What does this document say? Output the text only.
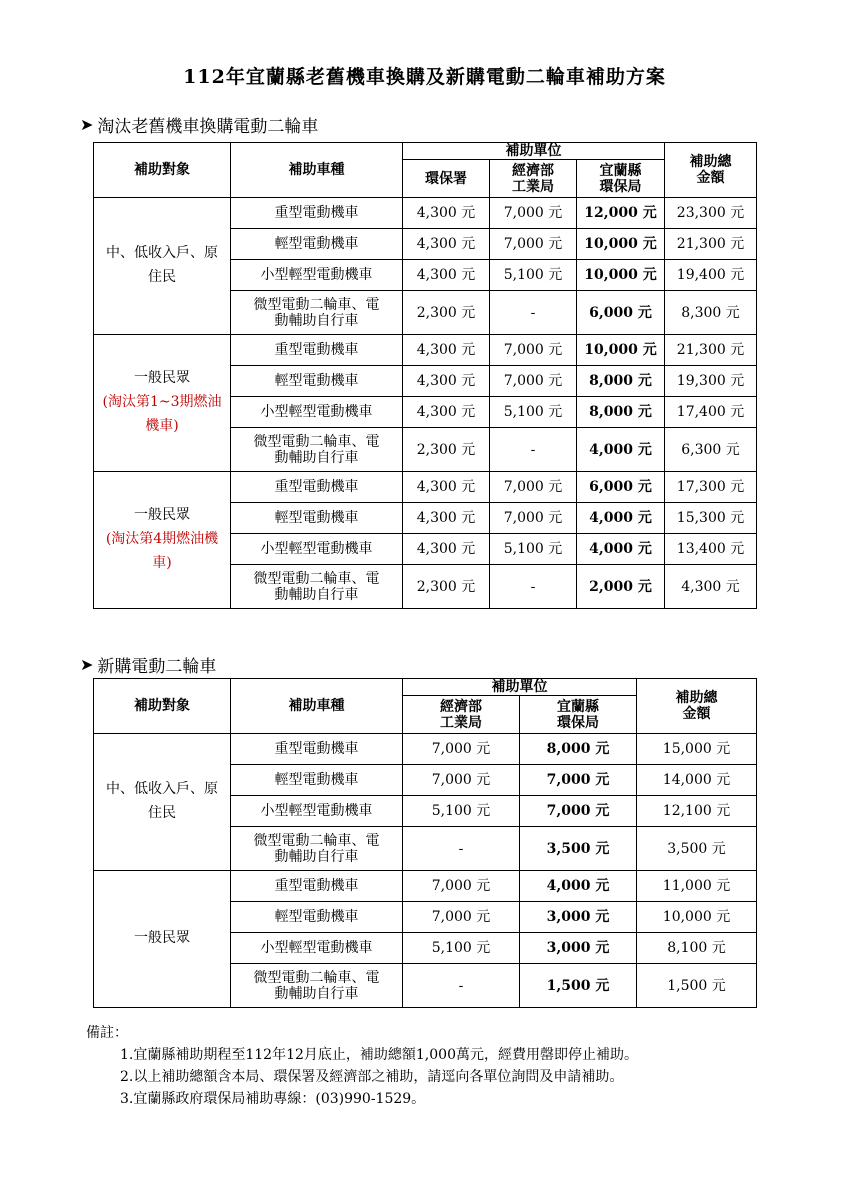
112年宜蘭縣老舊機車換購及新購電動二輪車補助方案
➤ 淘汰老舊機車換購電動二輪車
補助對象	補助車種	補助單位			補助總金額
		環保署	經濟部工業局	宜蘭縣環保局	

中、低收入戶、原住民	重型電動機車	4,300 元	7,000 元	12,000 元	23,300 元
	輕型電動機車	4,300 元	7,000 元	10,000 元	21,300 元
	小型輕型電動機車	4,300 元	5,100 元	10,000 元	19,400 元
	微型電動二輪車、電動輔助自行車	2,300 元	-	6,000 元	8,300 元

一般民眾
(淘汰第1~3期燃油機車)	重型電動機車	4,300 元	7,000 元	10,000 元	21,300 元
	輕型電動機車	4,300 元	7,000 元	8,000 元	19,300 元
	小型輕型電動機車	4,300 元	5,100 元	8,000 元	17,400 元
	微型電動二輪車、電動輔助自行車	2,300 元	-	4,000 元	6,300 元

一般民眾
(淘汰第4期燃油機車)	重型電動機車	4,300 元	7,000 元	6,000 元	17,300 元
	輕型電動機車	4,300 元	7,000 元	4,000 元	15,300 元
	小型輕型電動機車	4,300 元	5,100 元	4,000 元	13,400 元
	微型電動二輪車、電動輔助自行車	2,300 元	-	2,000 元	4,300 元
➤ 新購電動二輪車
補助對象	補助車種	補助單位		補助總金額
		經濟部工業局	宜蘭縣環保局	

中、低收入戶、原住民	重型電動機車	7,000 元	8,000 元	15,000 元
	輕型電動機車	7,000 元	7,000 元	14,000 元
	小型輕型電動機車	5,100 元	7,000 元	12,100 元
	微型電動二輪車、電動輔助自行車	-	3,500 元	3,500 元

一般民眾	重型電動機車	7,000 元	4,000 元	11,000 元
	輕型電動機車	7,000 元	3,000 元	10,000 元
	小型輕型電動機車	5,100 元	3,000 元	8,100 元
	微型電動二輪車、電動輔助自行車	-	1,500 元	1,500 元
備註：
1.宜蘭縣補助期程至112年12月底止，補助總額1,000萬元，經費用罄即停止補助。
2.以上補助總額含本局、環保署及經濟部之補助，請逕向各單位詢問及申請補助。
3.宜蘭縣政府環保局補助專線：(03)990-1529。
